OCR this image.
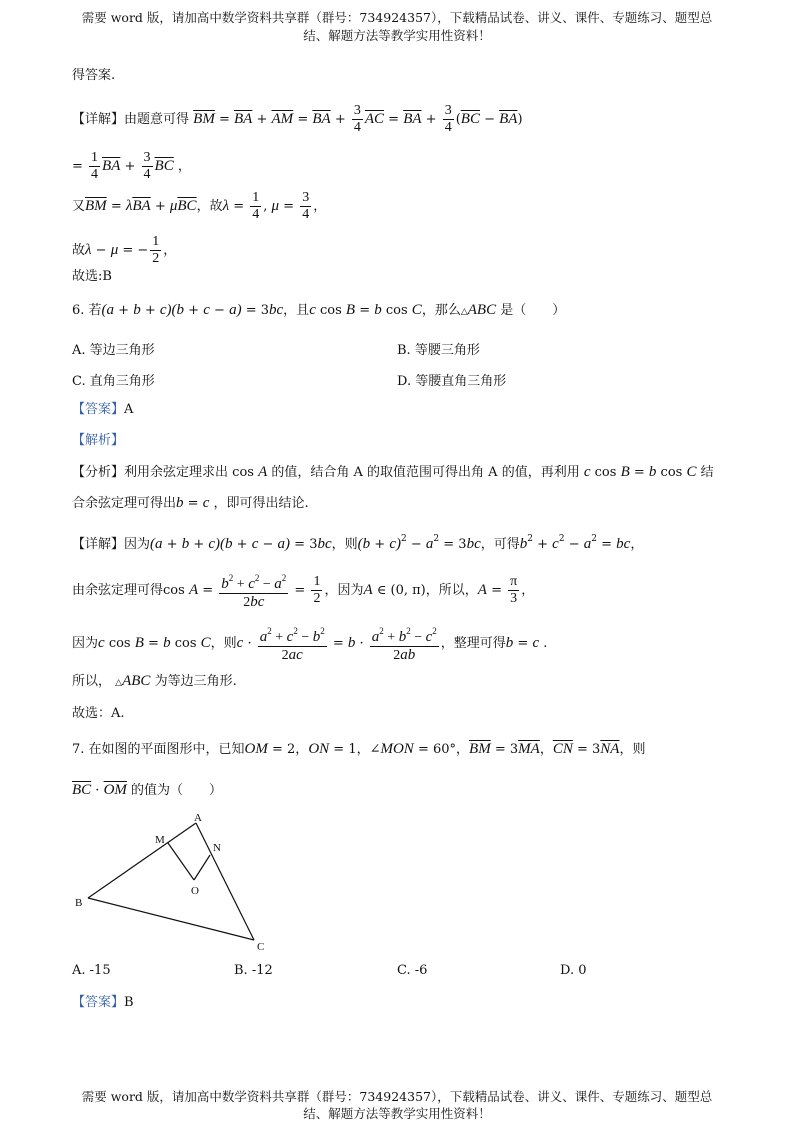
需要 word 版，请加高中数学资料共享群（群号：734924357），下载精品试卷、讲义、课件、专题练习、题型总
结、解题方法等教学实用性资料！
得答案.
【详解】由题意可得 $\overline{BM} = \overline{BA} + \overline{AM} = \overline{BA} + \frac{3}{4} \overline{AC} = \overline{BA} + \frac{3}{4} (\overline{BC} - \overline{BA})$
= $\frac{1}{4} \overline{BA} + \frac{3}{4} \overline{BC}$ ，
又$\overline{BM} = \lambda\overline{BA} + \mu\overline{BC}$，故$\lambda = \frac{1}{4}$ , $\mu = \frac{3}{4}$ ，
故λ − μ = − $\frac{1}{2}$ ，
故选:B
6. 若(a + b + c)(b + c − a) = 3bc，且c cos B = b cos C，那么△ABC 是（　　）
A. 等边三角形	B. 等腰三角形
C. 直角三角形	D. 等腰直角三角形
【答案】A
【解析】
【分析】利用余弦定理求出 cos A 的值，结合角 A 的取值范围可得出角 A 的值，再利用 c cos B = b cos C 结
合余弦定理可得出b = c ，即可得出结论.
【详解】因为(a + b + c)(b + c − a) = 3bc，则$(b + c)^2 - a^2 = 3bc$，可得$b^2 + c^2 - a^2$ = bc，
由余弦定理可得$\cos A = \frac{b^2 + c^2 - a^2}{2bc} = \frac{1}{2}$ ，因为A ∈ (0, π)，所以，$A = \frac{\pi}{3}$ ，
因为c cos B = b cos C，则$c \cdot \frac{a^2 + c^2 - b^2}{2ac} = b \cdot \frac{a^2 + b^2 - c^2}{2ab}$ ，整理可得b = c .
所以， △ABC 为等边三角形.
故选：A.
7. 在如图的平面图形中，已知OM = 2，ON = 1，∠MON = 60°，$\overline{BM} = 3\overline{MA}$，$\overline{CN} = 3\overline{NA}$，则
$\overline{BC} \cdot \overline{OM}$ 的值为（　　）
A
M
N
O
B
C
A. -15	B. -12	C. -6	D. 0
【答案】B
需要 word 版，请加高中数学资料共享群（群号：734924357），下载精品试卷、讲义、课件、专题练习、题型总
结、解题方法等教学实用性资料！
